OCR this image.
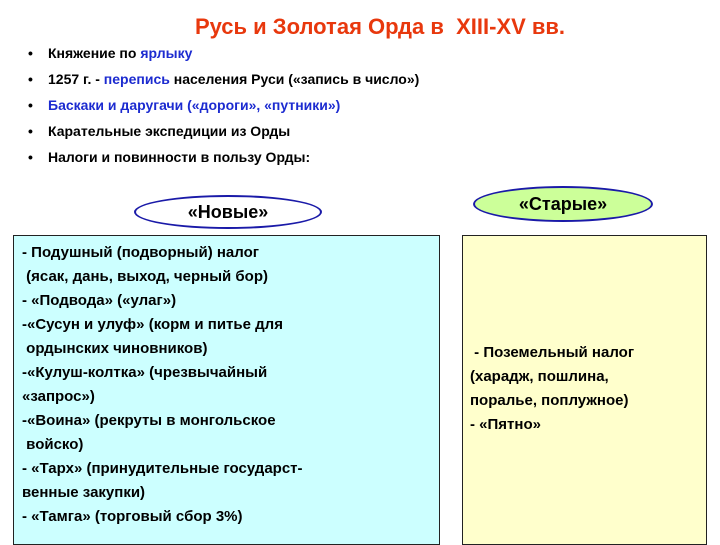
Русь и Золотая Орда в  XIII-XV вв.
• Княжение по ярлыку
• 1257 г. - перепись населения Руси («запись в число»)
• Баскаки и даругачи («дороги», «путники»)
• Карательные экспедиции из Орды
• Налоги и повинности в пользу Орды:
«Новые»	«Старые»
- Подушный (подворный) налог
(ясак, дань, выход, черный бор)
- «Подвода» («улаг»)
-«Сусун и улуф» (корм и питье для
ордынских чиновников)
-«Кулуш-колтка» (чрезвычайный
«запрос»)
-«Воина» (рекруты в монгольское
войско)
- «Тарх» (принудительные государст-
венные закупки)
- «Тамга» (торговый сбор 3%)
- Поземельный налог
(харадж, пошлина,
поралье, поплужное)
- «Пятно»
